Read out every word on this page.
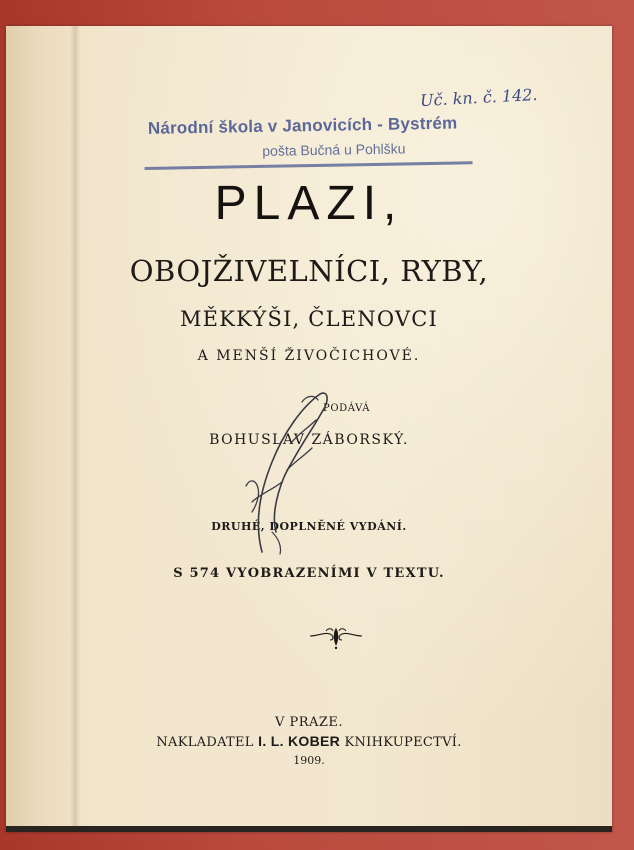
Uč. kn. č. 142.
Národní škola v Janovicích - Bystrém
pošta Bučná u Pohlšku
PLAZI,
OBOJŽIVELNÍCI, RYBY,
MĚKKÝŠI, ČLENOVCI
A MENŠÍ ŽIVOČICHOVÉ.
PODÁVÁ
BOHUSLAV ZÁBORSKÝ.
DRUHÉ, DOPLNĚNÉ VYDÁNÍ.
S 574 VYOBRAZENÍMI V TEXTU.
V PRAZE.
NAKLADATEL I. L. KOBER KNIHKUPECTVÍ.
1909.
